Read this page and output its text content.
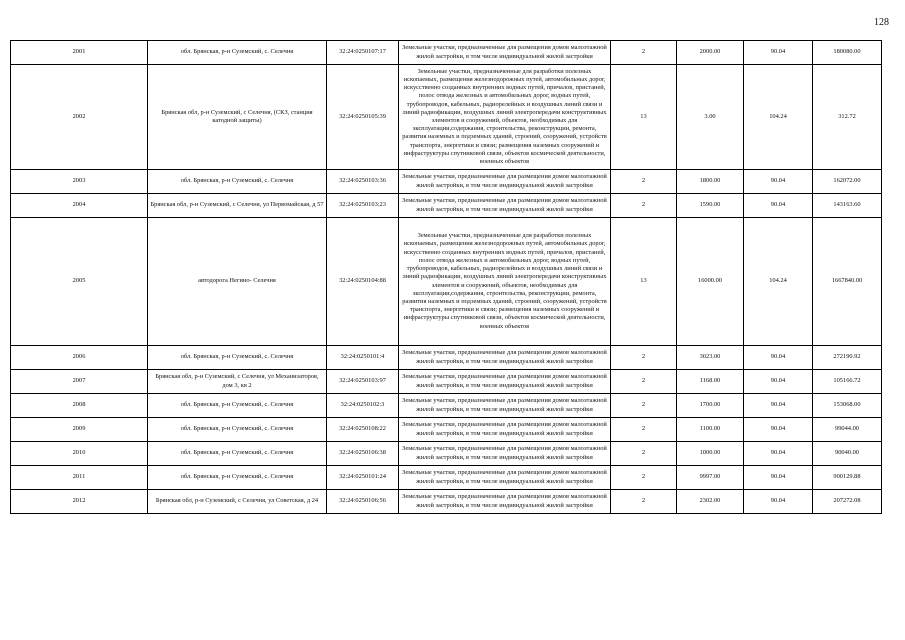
128
2001	обл. Брянская, р-н Суземский, с. Селечня	32:24:0250107:17	Земельные участки, предназначенные для размещения домов малоэтажной жилой застройки, в том числе индивидуальной жилой застройки	2	2000.00	90.04	180080.00
2002	Брянская обл, р-н Суземский, с Селечня, (СКЗ, станция катодной защиты)	32:24:0250105:39	Земельные участки, предназначенные для разработки полезных ископаемых, размещения железнодорожных путей, автомобильных дорог, искусственно созданных внутренних водных путей, причалов, пристаней, полос отвода железных и автомобильных дорог, водных путей, трубопроводов, кабельных, радиорелейных и воздушных линий связи и линий радиофикации, воздушных линий электропередачи конструктивных элементов и сооружений, объектов, необходимых для эксплуатации,содержания, строительства, реконструкции, ремонта, развития наземных и подземных зданий, строений, сооружений, устройств транспорта, энергетики и связи; размещения наземных сооружений и инфраструктуры спутниковой связи, объектов космической деятельности, военных объектов	13	3.00	104.24	312.72
2003	обл. Брянская, р-н Суземский, с. Селечня	32:24:0250103:36	Земельные участки, предназначенные для размещения домов малоэтажной жилой застройки, в том числе индивидуальной жилой застройки	2	1800.00	90.04	162072.00
2004	Брянская обл, р-н Суземский, с Селечня, ул Первомайская, д 57	32:24:0250103:23	Земельные участки, предназначенные для размещения домов малоэтажной жилой застройки, в том числе индивидуальной жилой застройки	2	1590.00	90.04	143163.60
2005	автодорога Негино- Селечня	32:24:0250104:88	Земельные участки, предназначенные для разработки полезных ископаемых, размещения железнодорожных путей, автомобильных дорог, искусственно созданных внутренних водных путей, причалов, пристаней, полос отвода железных и автомобильных дорог, водных путей, трубопроводов, кабельных, радиорелейных и воздушных линий связи и линий радиофикации, воздушных линий электропередачи конструктивных элементов и сооружений, объектов, необходимых для эксплуатации,содержания, строительства, реконструкции, ремонта, развития наземных и подземных зданий, строений, сооружений, устройств транспорта, энергетики и связи; размещения наземных сооружений и инфраструктуры спутниковой связи, объектов космической деятельности, военных объектов	13	16000.00	104.24	1667840.00
2006	обл. Брянская, р-н Суземский, с. Селечня	32:24:0250101:4	Земельные участки, предназначенные для размещения домов малоэтажной жилой застройки, в том числе индивидуальной жилой застройки	2	3023.00	90.04	272190.92
2007	Брянская обл, р-н Суземский, с Селечня, ул Механизаторов, дом 3, кв 2	32:24:0250103:97	Земельные участки, предназначенные для размещения домов малоэтажной жилой застройки, в том числе индивидуальной жилой застройки	2	1168.00	90.04	105166.72
2008	обл. Брянская, р-н Суземский, с. Селечня	32:24:0250102:3	Земельные участки, предназначенные для размещения домов малоэтажной жилой застройки, в том числе индивидуальной жилой застройки	2	1700.00	90.04	153068.00
2009	обл. Брянская, р-н Суземский, с. Селечня	32:24:0250108:22	Земельные участки, предназначенные для размещения домов малоэтажной жилой застройки, в том числе индивидуальной жилой застройки	2	1100.00	90.04	99044.00
2010	обл. Брянская, р-н Суземский, с. Селечня	32:24:0250106:38	Земельные участки, предназначенные для размещения домов малоэтажной жилой застройки, в том числе индивидуальной жилой застройки	2	1000.00	90.04	90040.00
2011	обл. Брянская, р-н Суземский, с. Селечня	32:24:0250101:24	Земельные участки, предназначенные для размещения домов малоэтажной жилой застройки, в том числе индивидуальной жилой застройки	2	9997.00	90.04	900129.88
2012	Брянская обл, р-н Суземский, с Селечня, ул Советская, д 24	32:24:0250106:56	Земельные участки, предназначенные для размещения домов малоэтажной жилой застройки, в том числе индивидуальной жилой застройки	2	2302.00	90.04	207272.08
